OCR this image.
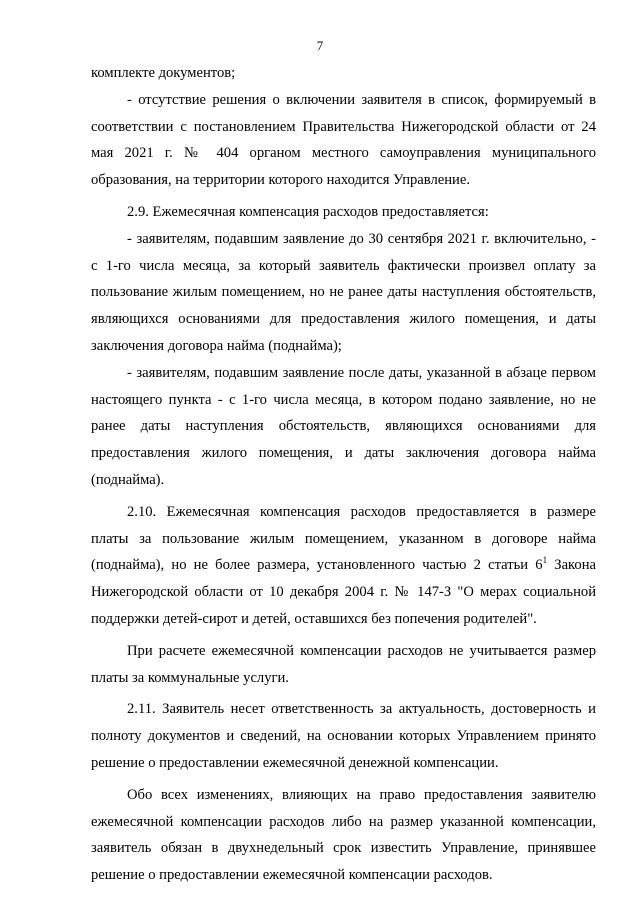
7

комплекте документов;

- отсутствие решения о включении заявителя в список, формируемый в соответствии с постановлением Правительства Нижегородской области от 24 мая 2021 г. № 404 органом местного самоуправления муниципального образования, на территории которого находится Управление.

2.9. Ежемесячная компенсация расходов предоставляется:

- заявителям, подавшим заявление до 30 сентября 2021 г. включительно, - с 1-го числа месяца, за который заявитель фактически произвел оплату за пользование жилым помещением, но не ранее даты наступления обстоятельств, являющихся основаниями для предоставления жилого помещения, и даты заключения договора найма (поднайма);

- заявителям, подавшим заявление после даты, указанной в абзаце первом настоящего пункта - с 1-го числа месяца, в котором подано заявление, но не ранее даты наступления обстоятельств, являющихся основаниями для предоставления жилого помещения, и даты заключения договора найма (поднайма).

2.10. Ежемесячная компенсация расходов предоставляется в размере платы за пользование жилым помещением, указанном в договоре найма (поднайма), но не более размера, установленного частью 2 статьи $6^1$ Закона Нижегородской области от 10 декабря 2004 г. № 147-З "О мерах социальной поддержки детей-сирот и детей, оставшихся без попечения родителей".

При расчете ежемесячной компенсации расходов не учитывается размер платы за коммунальные услуги.

2.11. Заявитель несет ответственность за актуальность, достоверность и полноту документов и сведений, на основании которых Управлением принято решение о предоставлении ежемесячной денежной компенсации.

Обо всех изменениях, влияющих на право предоставления заявителю ежемесячной компенсации расходов либо на размер указанной компенсации, заявитель обязан в двухнедельный срок известить Управление, принявшее решение о предоставлении ежемесячной компенсации расходов.
